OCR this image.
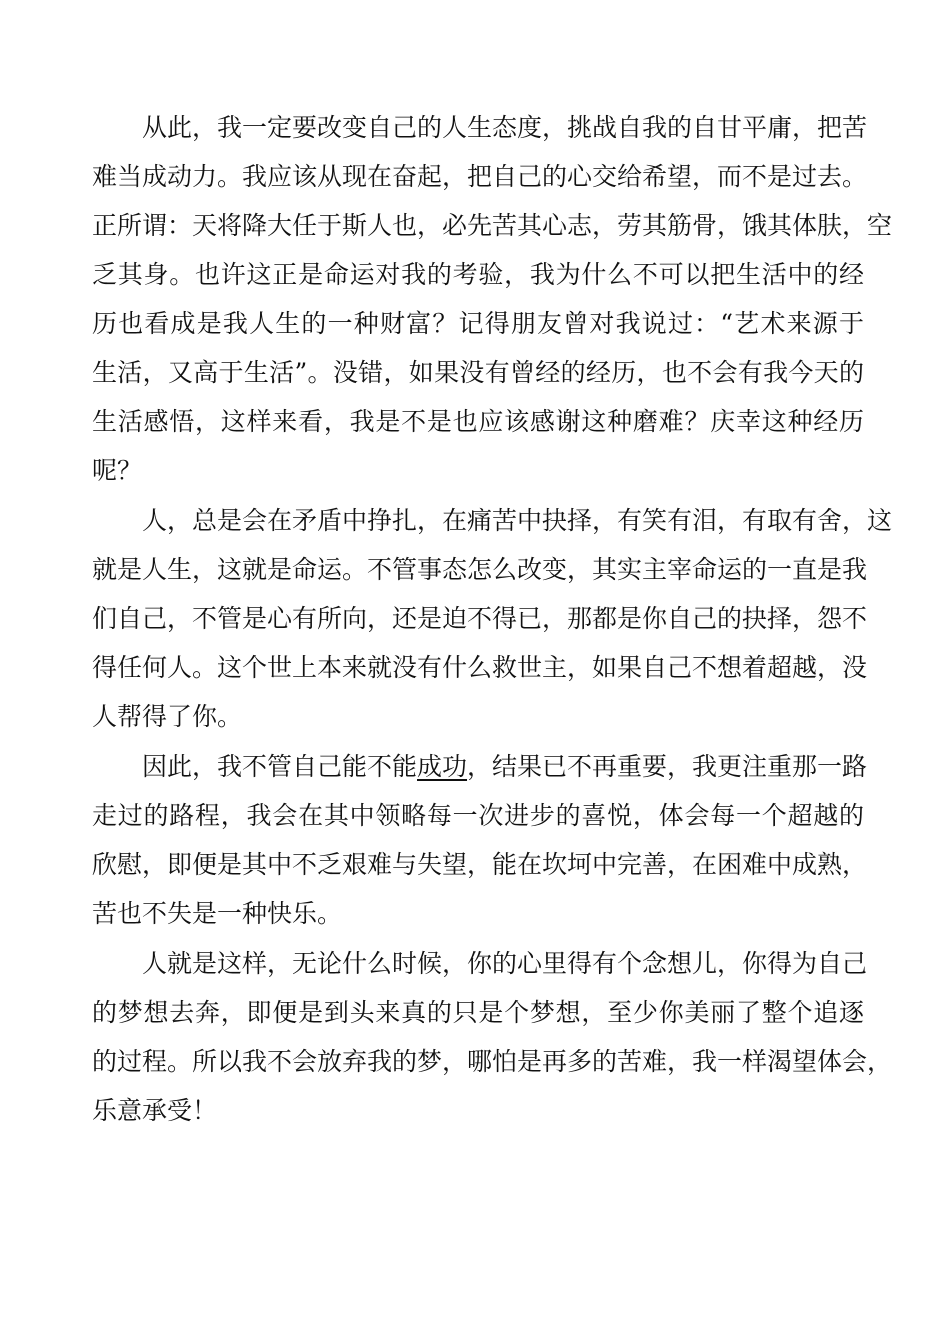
从此，我一定要改变自己的人生态度，挑战自我的自甘平庸，把苦
难当成动力。我应该从现在奋起，把自己的心交给希望，而不是过去。
正所谓：天将降大任于斯人也，必先苦其心志，劳其筋骨，饿其体肤，空
乏其身。也许这正是命运对我的考验，我为什么不可以把生活中的经
历也看成是我人生的一种财富？记得朋友曾对我说过：“艺术来源于
生活，又高于生活”。没错，如果没有曾经的经历，也不会有我今天的
生活感悟，这样来看，我是不是也应该感谢这种磨难？庆幸这种经历
呢？
人，总是会在矛盾中挣扎，在痛苦中抉择，有笑有泪，有取有舍，这
就是人生，这就是命运。不管事态怎么改变，其实主宰命运的一直是我
们自己，不管是心有所向，还是迫不得已，那都是你自己的抉择，怨不
得任何人。这个世上本来就没有什么救世主，如果自己不想着超越，没
人帮得了你。
因此，我不管自己能不能成功，结果已不再重要，我更注重那一路
走过的路程，我会在其中领略每一次进步的喜悦，体会每一个超越的
欣慰，即便是其中不乏艰难与失望，能在坎坷中完善，在困难中成熟，
苦也不失是一种快乐。
人就是这样，无论什么时候，你的心里得有个念想儿，你得为自己
的梦想去奔，即便是到头来真的只是个梦想，至少你美丽了整个追逐
的过程。所以我不会放弃我的梦，哪怕是再多的苦难，我一样渴望体会，
乐意承受！
